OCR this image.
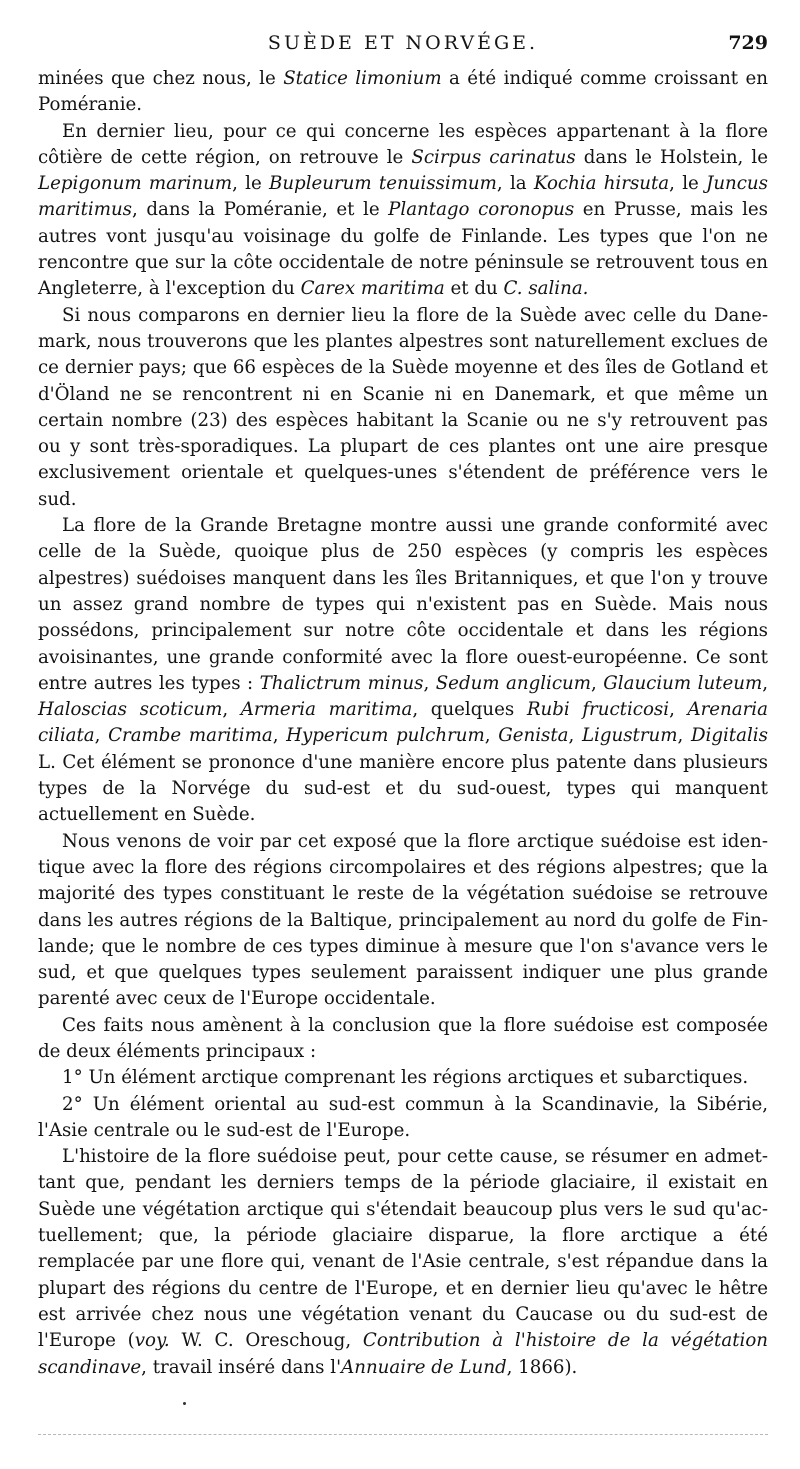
SUÈDE ET NORVÉGE.	729

minées que chez nous, le Statice limonium a été indiqué comme croissant en Poméranie.

En dernier lieu, pour ce qui concerne les espèces appartenant à la flore côtière de cette région, on retrouve le Scirpus carinatus dans le Holstein, le Lepigonum marinum, le Bupleurum tenuissimum, la Kochia hirsuta, le Juncus maritimus, dans la Poméranie, et le Plantago coronopus en Prusse, mais les autres vont jusqu'au voisinage du golfe de Finlande. Les types que l'on ne rencontre que sur la côte occidentale de notre péninsule se retrouvent tous en Angleterre, à l'exception du Carex maritima et du C. salina.

Si nous comparons en dernier lieu la flore de la Suède avec celle du Danemark, nous trouverons que les plantes alpestres sont naturellement exclues de ce dernier pays; que 66 espèces de la Suède moyenne et des îles de Gotland et d'Öland ne se rencontrent ni en Scanie ni en Danemark, et que même un certain nombre (23) des espèces habitant la Scanie ou ne s'y retrouvent pas ou y sont très-sporadiques. La plupart de ces plantes ont une aire presque exclusivement orientale et quelques-unes s'étendent de préférence vers le sud.

La flore de la Grande Bretagne montre aussi une grande conformité avec celle de la Suède, quoique plus de 250 espèces (y compris les espèces alpestres) suédoises manquent dans les îles Britanniques, et que l'on y trouve un assez grand nombre de types qui n'existent pas en Suède. Mais nous possédons, principalement sur notre côte occidentale et dans les régions avoisinantes, une grande conformité avec la flore ouest-européenne. Ce sont entre autres les types : Thalictrum minus, Sedum anglicum, Glaucium luteum, Haloscias scoticum, Armeria maritima, quelques Rubi fructicosi, Arenaria ciliata, Crambe maritima, Hypericum pulchrum, Genista, Ligustrum, Digitalis L. Cet élément se prononce d'une manière encore plus patente dans plusieurs types de la Norvége du sud-est et du sud-ouest, types qui manquent actuellement en Suède.

Nous venons de voir par cet exposé que la flore arctique suédoise est identique avec la flore des régions circompolaires et des régions alpestres; que la majorité des types constituant le reste de la végétation suédoise se retrouve dans les autres régions de la Baltique, principalement au nord du golfe de Finlande; que le nombre de ces types diminue à mesure que l'on s'avance vers le sud, et que quelques types seulement paraissent indiquer une plus grande parenté avec ceux de l'Europe occidentale.

Ces faits nous amènent à la conclusion que la flore suédoise est composée de deux éléments principaux :

1° Un élément arctique comprenant les régions arctiques et subarctiques.

2° Un élément oriental au sud-est commun à la Scandinavie, la Sibérie, l'Asie centrale ou le sud-est de l'Europe.

L'histoire de la flore suédoise peut, pour cette cause, se résumer en admettant que, pendant les derniers temps de la période glaciaire, il existait en Suède une végétation arctique qui s'étendait beaucoup plus vers le sud qu'actuellement; que, la période glaciaire disparue, la flore arctique a été remplacée par une flore qui, venant de l'Asie centrale, s'est répandue dans la plupart des régions du centre de l'Europe, et en dernier lieu qu'avec le hêtre est arrivée chez nous une végétation venant du Caucase ou du sud-est de l'Europe (voy. W. C. Oreschoug, Contribution à l'histoire de la végétation scandinave, travail inséré dans l'Annuaire de Lund, 1866).
